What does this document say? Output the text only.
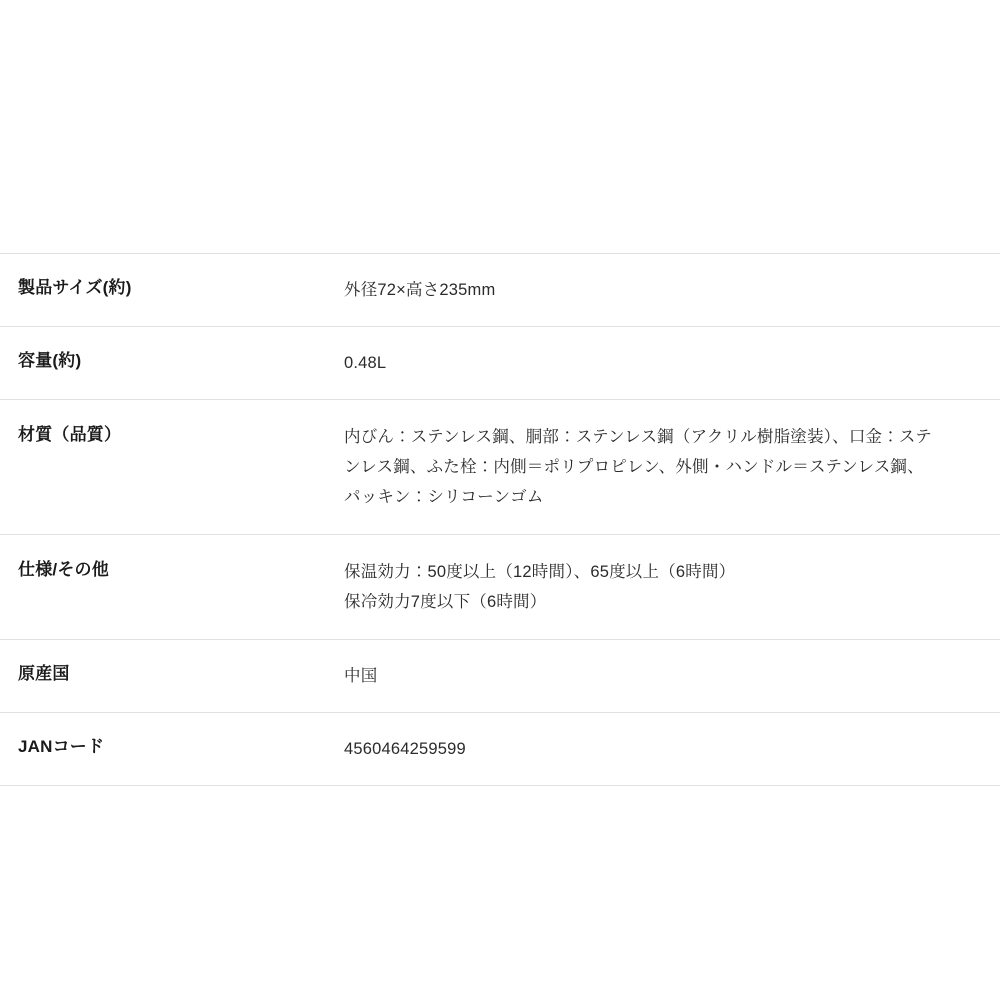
製品サイズ(約)	外径72×高さ235mm

容量(約)	0.48L

材質（品質）	内びん：ステンレス鋼、胴部：ステンレス鋼（アクリル樹脂塗装）、口金：ステンレス鋼、ふた栓：内側＝ポリプロピレン、外側・ハンドル＝ステンレス鋼、パッキン：シリコーンゴム

仕様/その他	保温効力：50度以上（12時間）、65度以上（6時間）
保冷効力7度以下（6時間）

原産国	中国

JANコード	4560464259599
